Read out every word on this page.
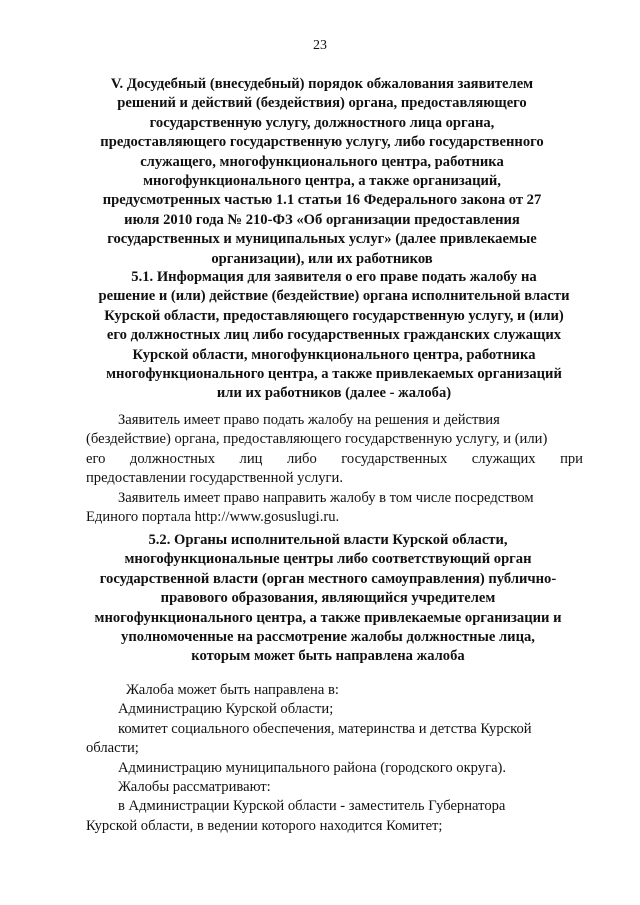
23
V. Досудебный (внесудебный) порядок обжалования заявителем
решений и действий (бездействия) органа, предоставляющего
государственную услугу, должностного лица органа,
предоставляющего государственную услугу, либо государственного
служащего, многофункционального центра, работника
многофункционального центра, а также организаций,
предусмотренных частью 1.1 статьи 16 Федерального закона от 27
июля 2010 года № 210-ФЗ «Об организации предоставления
государственных и муниципальных услуг» (далее привлекаемые
организации), или их работников
5.1. Информация для заявителя о его праве подать жалобу на
решение и (или) действие (бездействие) органа исполнительной власти
Курской области, предоставляющего государственную услугу, и (или)
его должностных лиц либо государственных гражданских служащих
Курской области, многофункционального центра, работника
многофункционального центра, а также привлекаемых организаций
или их работников (далее - жалоба)
Заявитель имеет право подать жалобу на решения и действия
(бездействие) органа, предоставляющего государственную услугу, и (или)
его должностных лиц либо государственных служащих при
предоставлении государственной услуги.
Заявитель имеет право направить жалобу в том числе посредством
Единого портала http://www.gosuslugi.ru.
5.2. Органы исполнительной власти Курской области,
многофункциональные центры либо соответствующий орган
государственной власти (орган местного самоуправления) публично-
правового образования, являющийся учредителем
многофункционального центра, а также привлекаемые организации и
уполномоченные на рассмотрение жалобы должностные лица,
которым может быть направлена жалоба
Жалоба может быть направлена в:
Администрацию Курской области;
комитет социального обеспечения, материнства и детства Курской
области;
Администрацию муниципального района (городского округа).
Жалобы рассматривают:
в Администрации Курской области - заместитель Губернатора
Курской области, в ведении которого находится Комитет;
